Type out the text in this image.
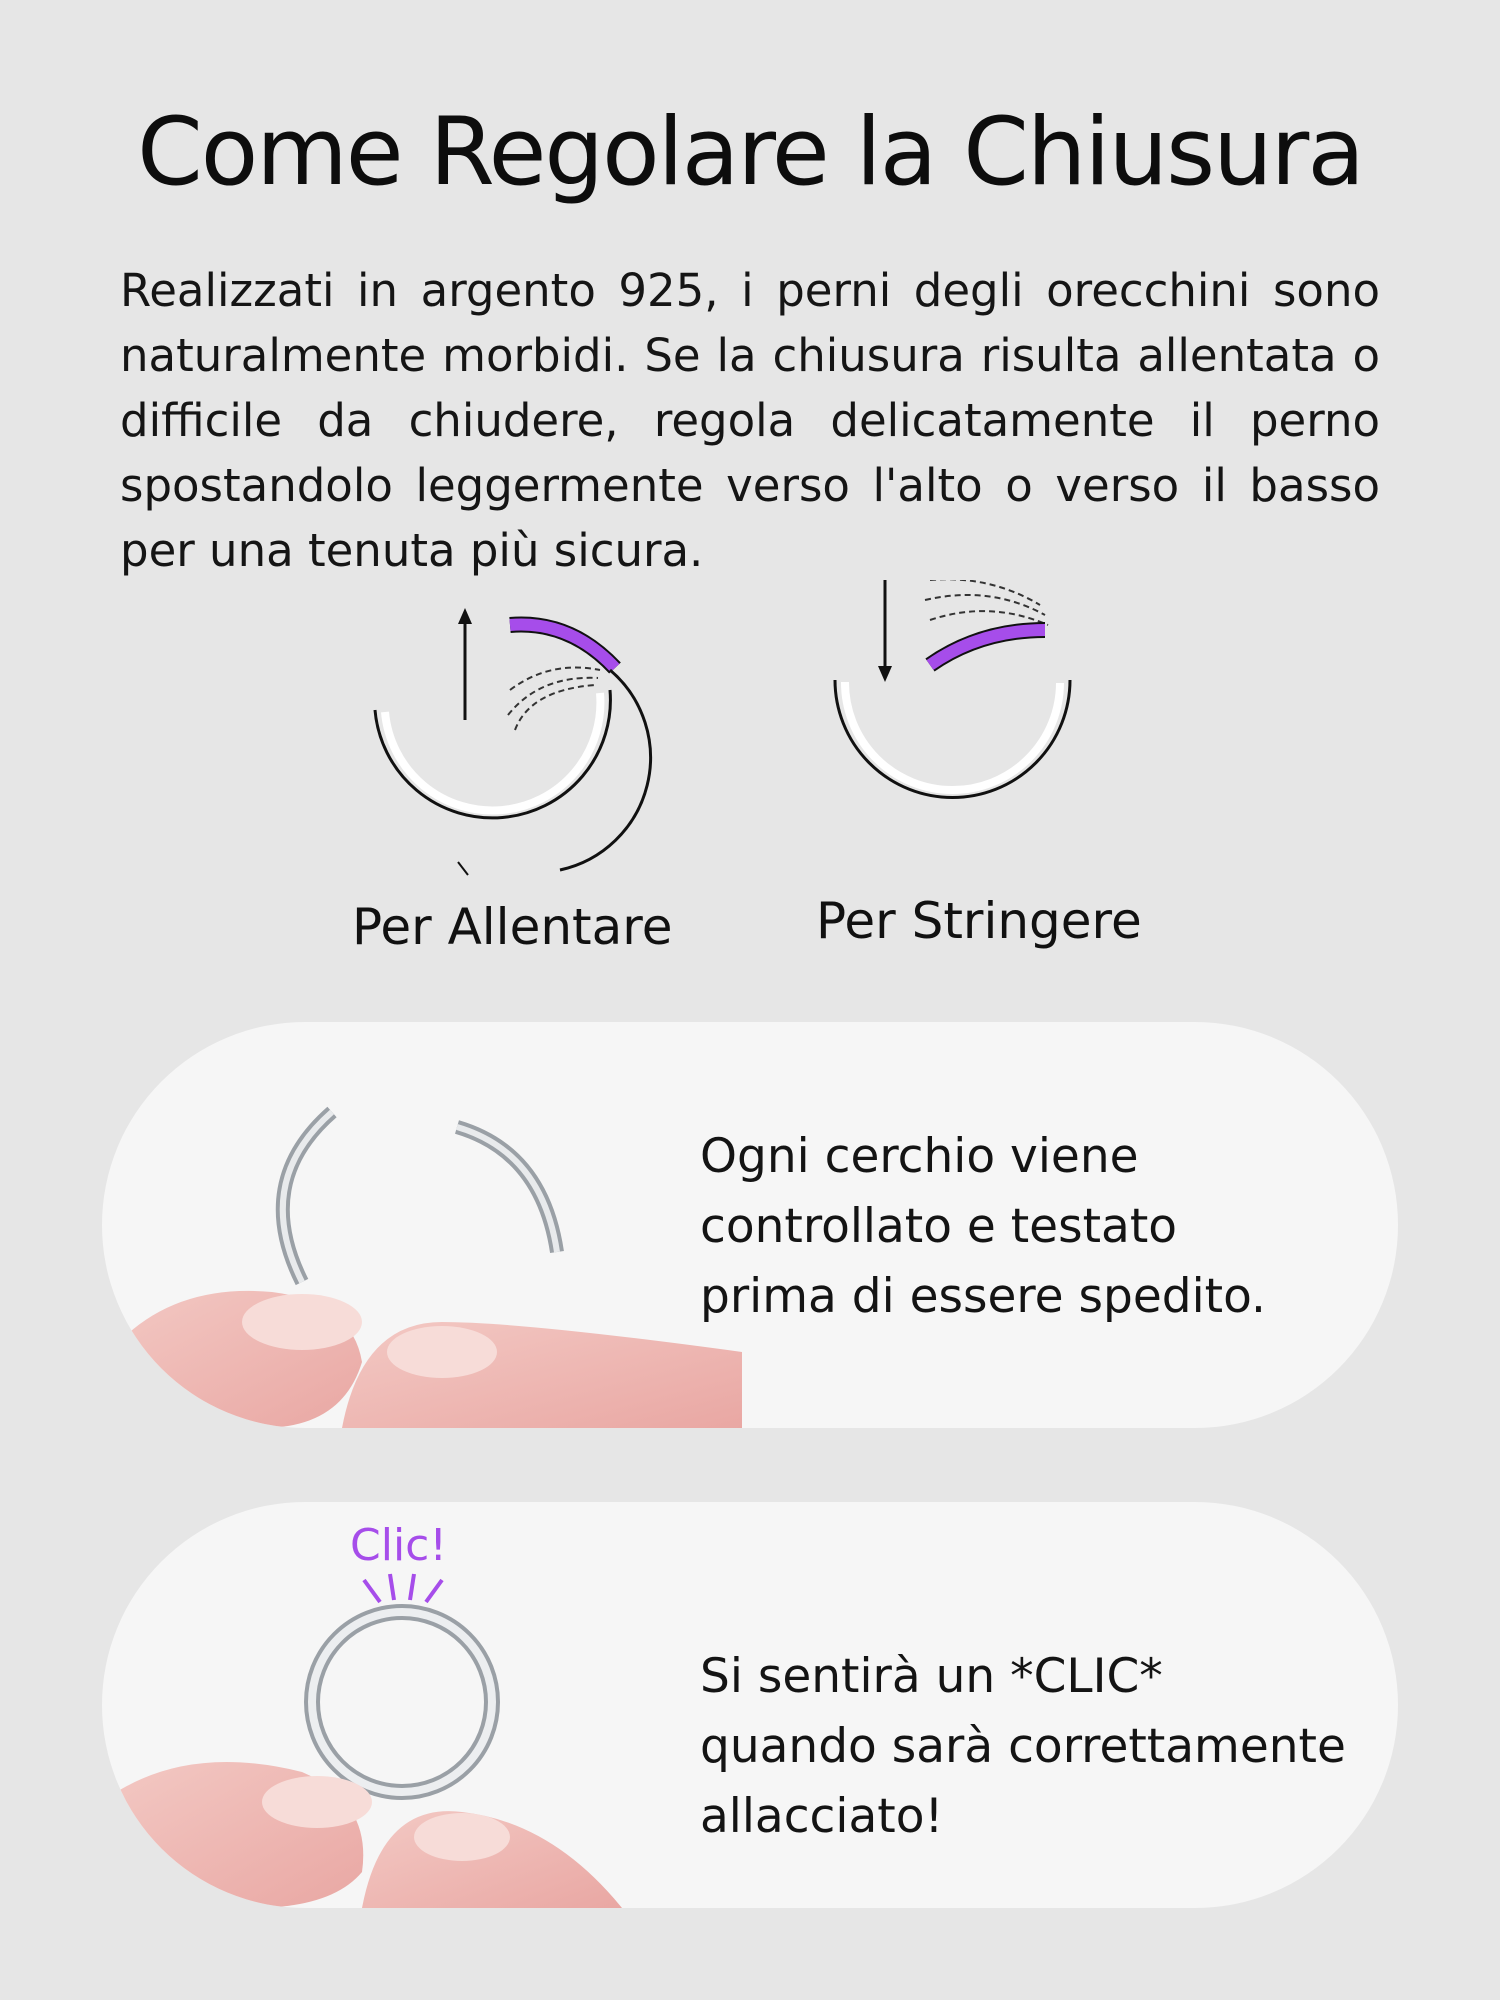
Come Regolare la Chiusura

Realizzati in argento 925, i perni degli orecchini sono naturalmente morbidi. Se la chiusura risulta allentata o difficile da chiudere, regola delicatamente il perno spostandolo leggermente verso l'alto o verso il basso per una tenuta più sicura.

Per Allentare	Per Stringere

Ogni cerchio viene
controllato e testato
prima di essere spedito.

Si sentirà un *CLIC*
quando sarà correttamente
allacciato!

Clic!
